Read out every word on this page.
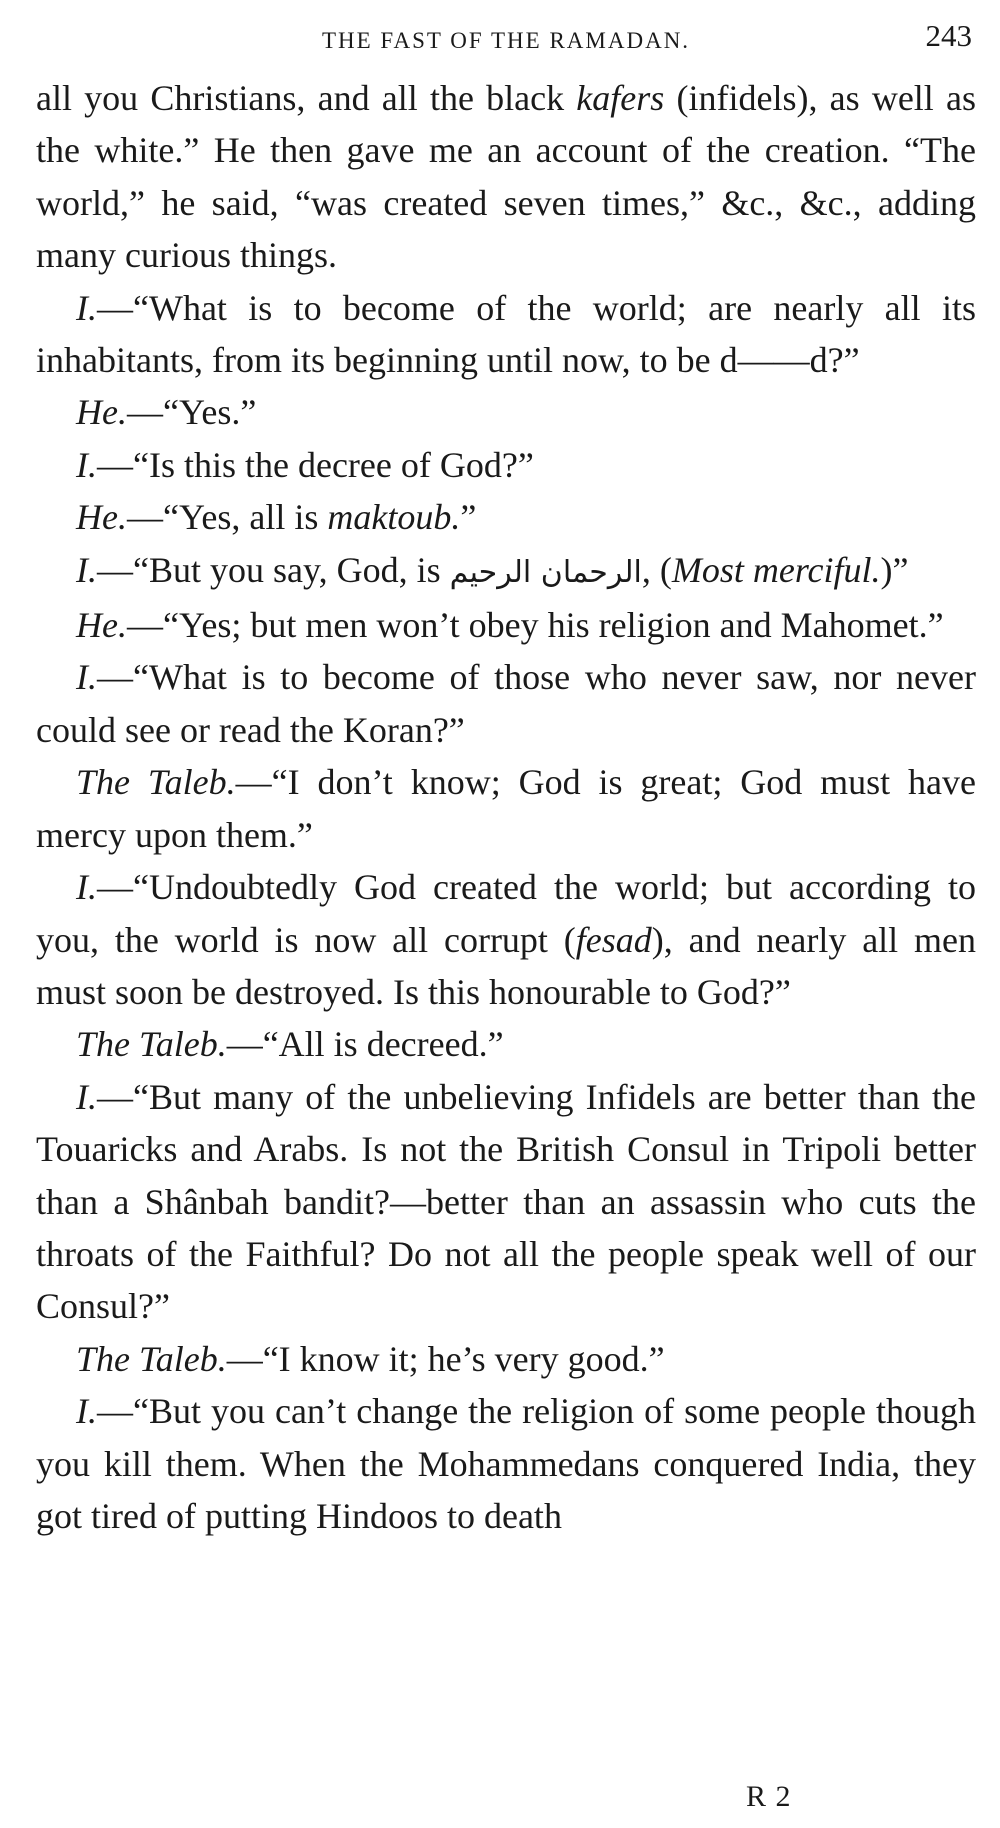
THE FAST OF THE RAMADAN.	243

all you Christians, and all the black kafers (infidels), as well as the white.” He then gave me an account of the creation. “The world,” he said, “was created seven times,” &c., &c., adding many curious things.

I.—“What is to become of the world; are nearly all its inhabitants, from its beginning until now, to be d——d?”

He.—“Yes.”

I.—“Is this the decree of God?”

He.—“Yes, all is maktoub.”

I.—“But you say, God, is الرحمان الرحيم, (Most merciful.)”

He.—“Yes; but men won’t obey his religion and Mahomet.”

I.—“What is to become of those who never saw, nor never could see or read the Koran?”

The Taleb.—“I don’t know; God is great; God must have mercy upon them.”

I.—“Undoubtedly God created the world; but according to you, the world is now all corrupt (fesad), and nearly all men must soon be destroyed. Is this honourable to God?”

The Taleb.—“All is decreed.”

I.—“But many of the unbelieving Infidels are better than the Touaricks and Arabs. Is not the British Consul in Tripoli better than a Shânbah bandit?—better than an assassin who cuts the throats of the Faithful? Do not all the people speak well of our Consul?”

The Taleb.—“I know it; he’s very good.”

I.—“But you can’t change the religion of some people though you kill them. When the Mohammedans conquered India, they got tired of putting Hindoos to death

R 2
